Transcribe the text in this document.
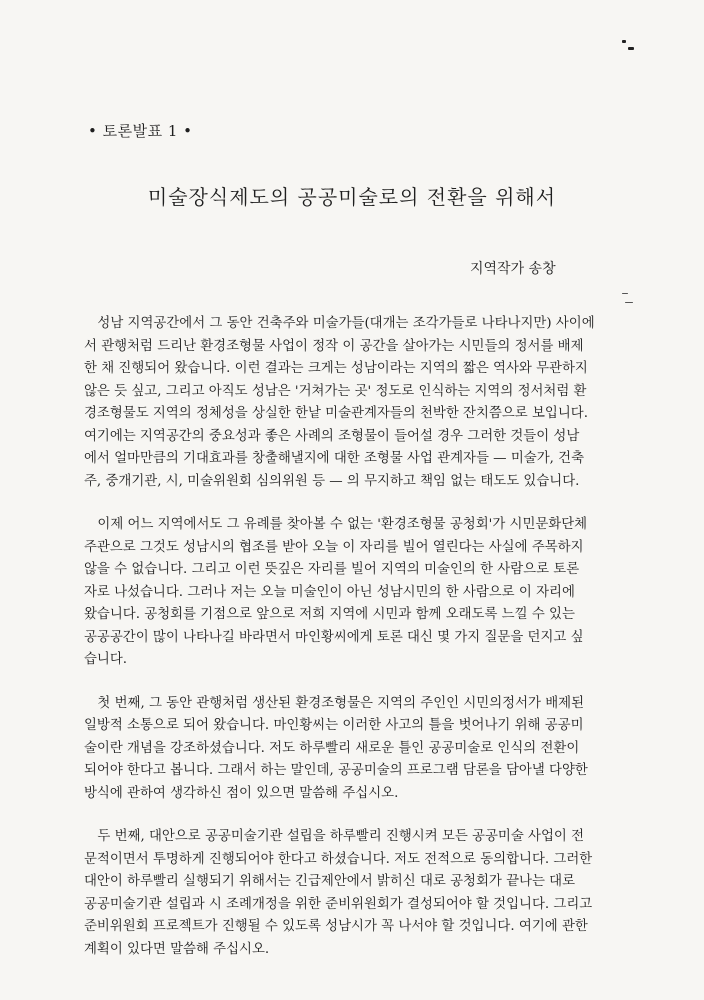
• 토론발표 1 •
미술장식제도의 공공미술로의 전환을 위해서
지역작가 송창
　성남 지역공간에서 그 동안 건축주와 미술가들(대개는 조각가들로 나타나지만) 사이에
서 관행처럼 드리난 환경조형물 사업이 정작 이 공간을 살아가는 시민들의 정서를 배제
한 채 진행되어 왔습니다. 이런 결과는 크게는 성남이라는 지역의 짧은 역사와 무관하지
않은 듯 싶고, 그리고 아직도 성남은 '거쳐가는 곳' 정도로 인식하는 지역의 정서처럼 환
경조형물도 지역의 정체성을 상실한 한낱 미술관계자들의 천박한 잔치쯤으로 보입니다.
여기에는 지역공간의 중요성과 좋은 사례의 조형물이 들어설 경우 그러한 것들이 성남
에서 얼마만큼의 기대효과를 창출해낼지에 대한 조형물 사업 관계자들 — 미술가, 건축
주, 중개기관, 시, 미술위원회 심의위원 등 — 의 무지하고 책임 없는 태도도 있습니다.
　이제 어느 지역에서도 그 유례를 찾아볼 수 없는 '환경조형물 공청회'가 시민문화단체
주관으로 그것도 성남시의 협조를 받아 오늘 이 자리를 빌어 열린다는 사실에 주목하지
않을 수 없습니다. 그리고 이런 뜻깊은 자리를 빌어 지역의 미술인의 한 사람으로 토론
자로 나섰습니다. 그러나 저는 오늘 미술인이 아닌 성남시민의 한 사람으로 이 자리에
왔습니다. 공청회를 기점으로 앞으로 저희 지역에 시민과 함께 오래도록 느낄 수 있는
공공공간이 많이 나타나길 바라면서 마인황씨에게 토론 대신 몇 가지 질문을 던지고 싶
습니다.
　첫 번째, 그 동안 관행처럼 생산된 환경조형물은 지역의 주인인 시민의정서가 배제된
일방적 소통으로 되어 왔습니다. 마인황씨는 이러한 사고의 틀을 벗어나기 위해 공공미
술이란 개념을 강조하셨습니다. 저도 하루빨리 새로운 틀인 공공미술로 인식의 전환이
되어야 한다고 봅니다. 그래서 하는 말인데, 공공미술의 프로그램 담론을 담아낼 다양한
방식에 관하여 생각하신 점이 있으면 말씀해 주십시오.
　두 번째, 대안으로 공공미술기관 설립을 하루빨리 진행시켜 모든 공공미술 사업이 전
문적이면서 투명하게 진행되어야 한다고 하셨습니다. 저도 전적으로 동의합니다. 그러한
대안이 하루빨리 실행되기 위해서는 긴급제안에서 밝히신 대로 공청회가 끝나는 대로
공공미술기관 설립과 시 조례개정을 위한 준비위원회가 결성되어야 할 것입니다. 그리고
준비위원회 프로젝트가 진행될 수 있도록 성남시가 꼭 나서야 할 것입니다. 여기에 관한
계획이 있다면 말씀해 주십시오.
